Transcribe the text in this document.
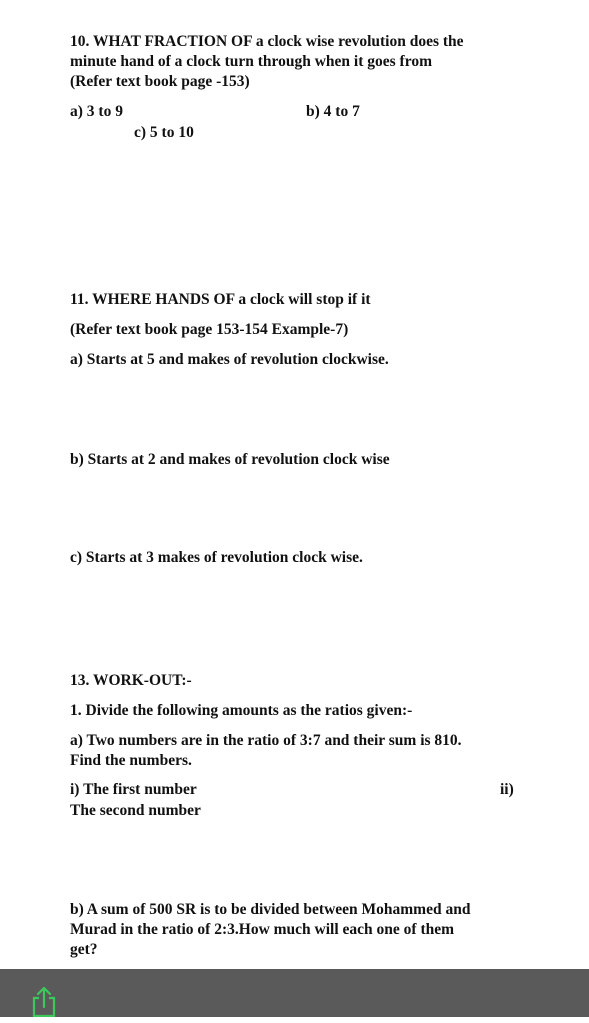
10. WHAT FRACTION OF a clock wise revolution does the
minute hand of a clock turn through when it goes from
(Refer text book page -153)
a) 3 to 9	b) 4 to 7
c) 5 to 10
11. WHERE HANDS OF a clock will stop if it
(Refer text book page 153-154 Example-7)
a) Starts at 5 and makes of revolution clockwise.
b) Starts at 2 and makes of revolution clock wise
c) Starts at 3 makes of revolution clock wise.
13. WORK-OUT:-
1. Divide the following amounts as the ratios given:-
a) Two numbers are in the ratio of 3:7 and their sum is 810.
Find the numbers.
i) The first number	ii)
The second number
b) A sum of 500 SR is to be divided between Mohammed and
Murad in the ratio of 2:3.How much will each one of them
get?
